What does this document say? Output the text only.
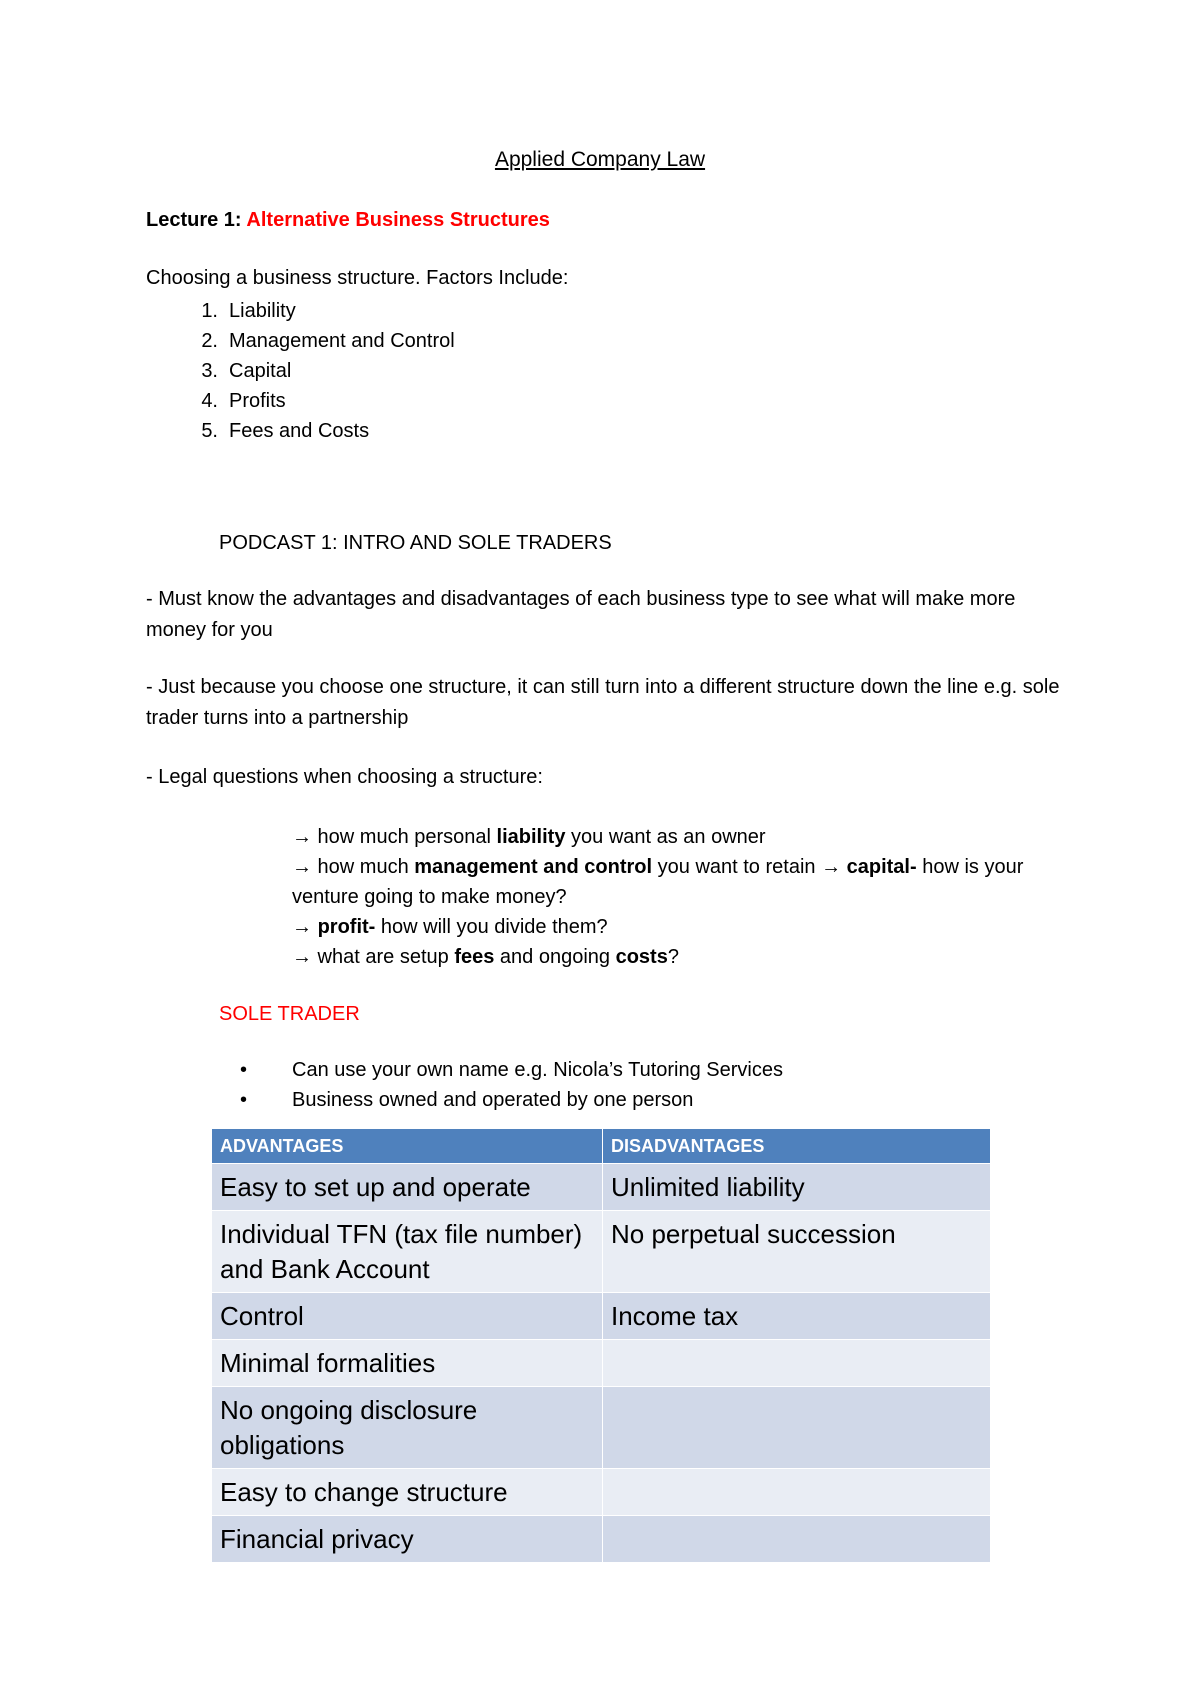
Applied Company Law
Lecture 1: Alternative Business Structures
Choosing a business structure. Factors Include:
1. Liability
2. Management and Control
3. Capital
4. Profits
5. Fees and Costs
PODCAST 1: INTRO AND SOLE TRADERS
- Must know the advantages and disadvantages of each business type to see what will make more money for you
- Just because you choose one structure, it can still turn into a different structure down the line e.g. sole trader turns into a partnership
- Legal questions when choosing a structure:
→ how much personal liability you want as an owner
→ how much management and control you want to retain → capital- how is your venture going to make money?
→ profit- how will you divide them?
→ what are setup fees and ongoing costs?
SOLE TRADER
• Can use your own name e.g. Nicola’s Tutoring Services
• Business owned and operated by one person
ADVANTAGES	DISADVANTAGES
Easy to set up and operate	Unlimited liability
Individual TFN (tax file number) and Bank Account	No perpetual succession
Control	Income tax
Minimal formalities	
No ongoing disclosure obligations	
Easy to change structure	
Financial privacy	
